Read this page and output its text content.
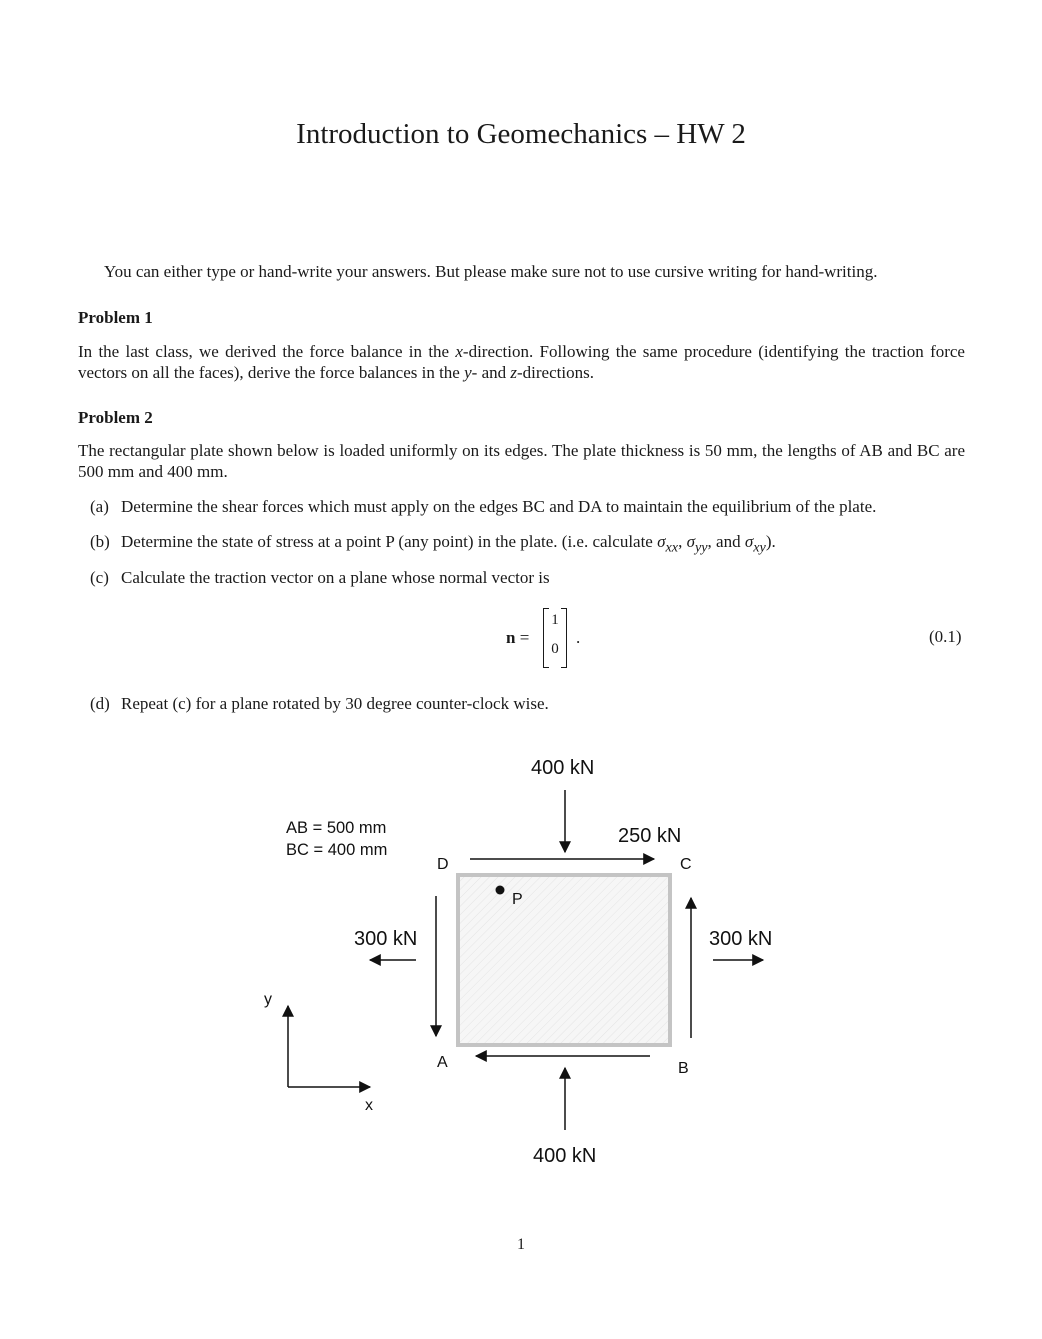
Introduction to Geomechanics – HW 2
You can either type or hand-write your answers. But please make sure not to use cursive writing for hand-writing.
Problem 1
In the last class, we derived the force balance in the x-direction. Following the same procedure (identifying the traction force vectors on all the faces), derive the force balances in the y- and z-directions.
Problem 2
The rectangular plate shown below is loaded uniformly on its edges. The plate thickness is 50 mm, the lengths of AB and BC are 500 mm and 400 mm.
(a) Determine the shear forces which must apply on the edges BC and DA to maintain the equilibrium of the plate.
(b) Determine the state of stress at a point P (any point) in the plate. (i.e. calculate $\sigma_{xx}$, $\sigma_{yy}$, and $\sigma_{xy}$).
(c) Calculate the traction vector on a plane whose normal vector is
n =
1
0
.	(0.1)
(d) Repeat (c) for a plane rotated by 30 degree counter-clock wise.
P
AB = 500 mm
BC = 400 mm
400 kN
400 kN
250 kN
300 kN	300 kN
D	C
A	B
y
x
1
